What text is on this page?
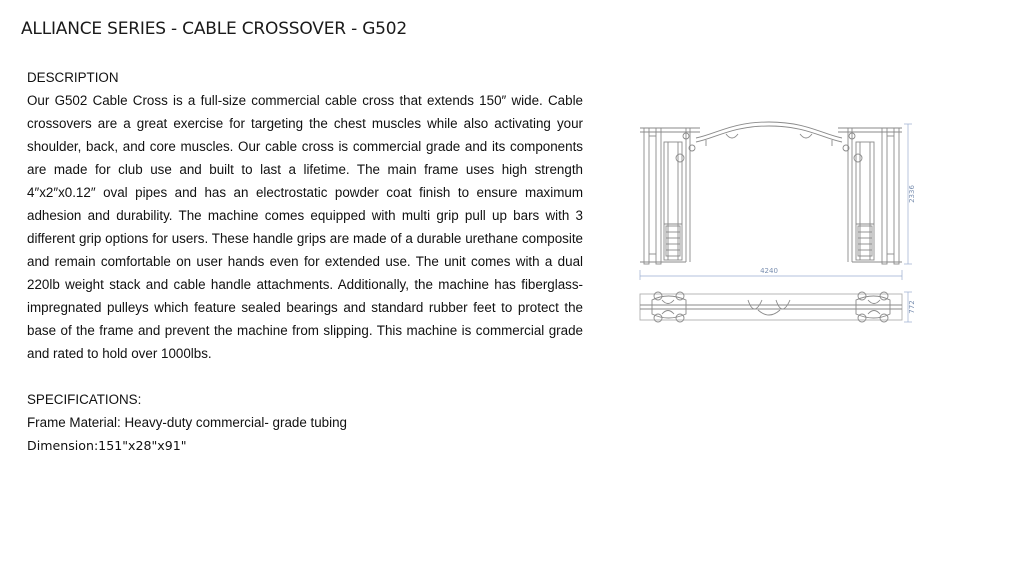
ALLIANCE SERIES - CABLE CROSSOVER - G502

DESCRIPTION

Our G502 Cable Cross is a full-size commercial cable cross that extends 150″ wide. Cable crossovers are a great exercise for targeting the chest muscles while also activating your shoulder, back, and core muscles. Our cable cross is commercial grade and its components are made for club use and built to last a lifetime. The main frame uses high strength 4″x2″x0.12″ oval pipes and has an electrostatic powder coat finish to ensure maximum adhesion and durability. The machine comes equipped with multi grip pull up bars with 3 different grip options for users. These handle grips are made of a durable urethane composite and remain comfortable on user hands even for extended use. The unit comes with a dual 220lb weight stack and cable handle attachments. Additionally, the machine has fiberglass-impregnated pulleys which feature sealed bearings and standard rubber feet to protect the base of the frame and prevent the machine from slipping. This machine is commercial grade and rated to hold over 1000lbs.

SPECIFICATIONS:

Frame Material: Heavy-duty commercial- grade tubing

Dimension:151"x28"x91"

2336
4240
772
